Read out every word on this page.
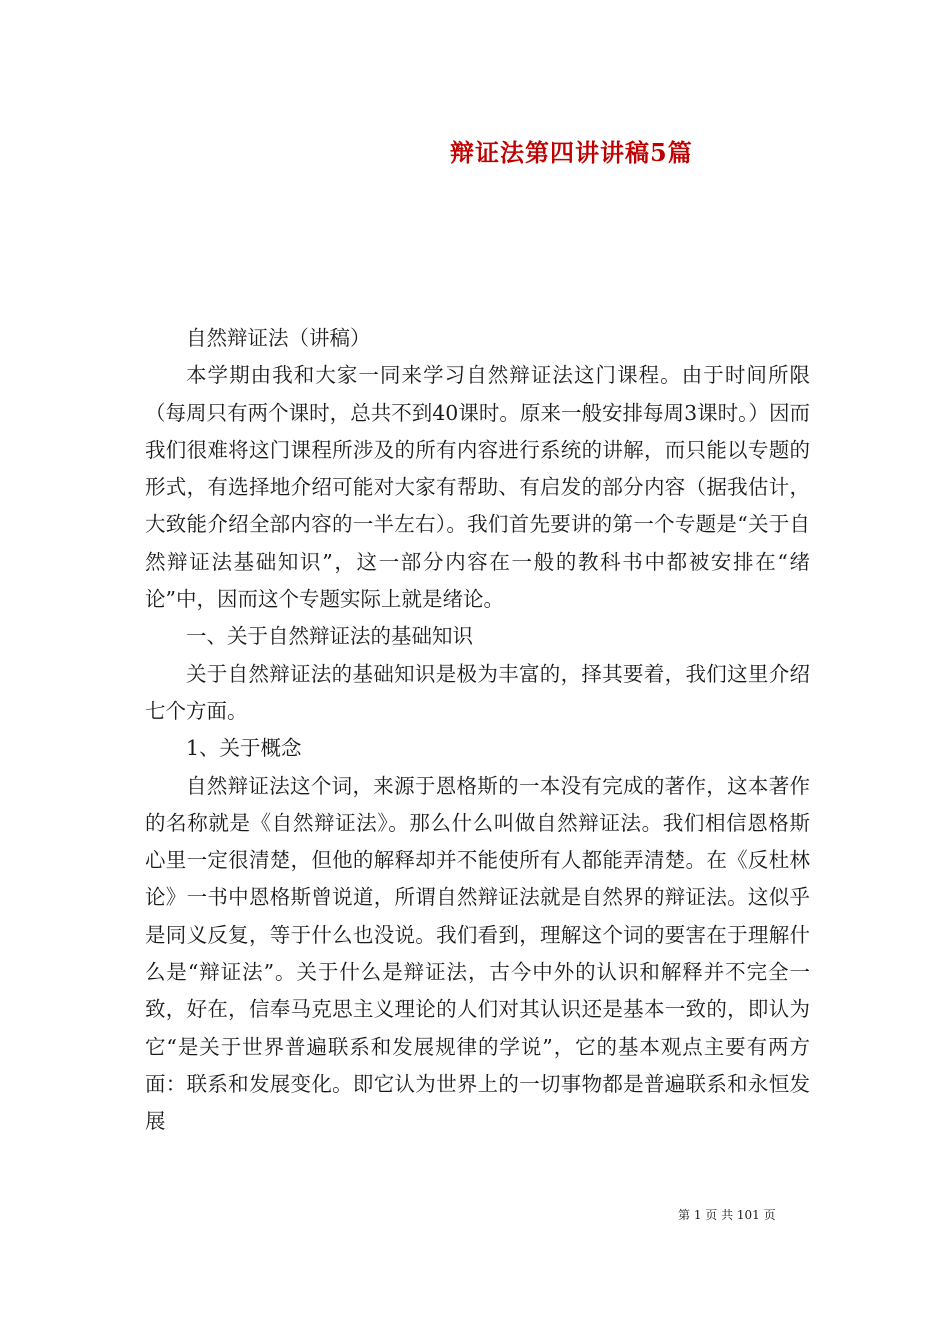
辩证法第四讲讲稿5篇

自然辩证法（讲稿）

本学期由我和大家一同来学习自然辩证法这门课程。由于时间所限（每周只有两个课时，总共不到40课时。原来一般安排每周3课时。）因而我们很难将这门课程所涉及的所有内容进行系统的讲解，而只能以专题的形式，有选择地介绍可能对大家有帮助、有启发的部分内容（据我估计，大致能介绍全部内容的一半左右）。我们首先要讲的第一个专题是“关于自然辩证法基础知识”，这一部分内容在一般的教科书中都被安排在“绪论”中，因而这个专题实际上就是绪论。

一、关于自然辩证法的基础知识

关于自然辩证法的基础知识是极为丰富的，择其要着，我们这里介绍七个方面。

1、关于概念

自然辩证法这个词，来源于恩格斯的一本没有完成的著作，这本著作的名称就是《自然辩证法》。那么什么叫做自然辩证法。我们相信恩格斯心里一定很清楚，但他的解释却并不能使所有人都能弄清楚。在《反杜林论》一书中恩格斯曾说道，所谓自然辩证法就是自然界的辩证法。这似乎是同义反复，等于什么也没说。我们看到，理解这个词的要害在于理解什么是“辩证法”。关于什么是辩证法，古今中外的认识和解释并不完全一致，好在，信奉马克思主义理论的人们对其认识还是基本一致的，即认为它“是关于世界普遍联系和发展规律的学说”，它的基本观点主要有两方面：联系和发展变化。即它认为世界上的一切事物都是普遍联系和永恒发展

第 1 页 共 101 页
